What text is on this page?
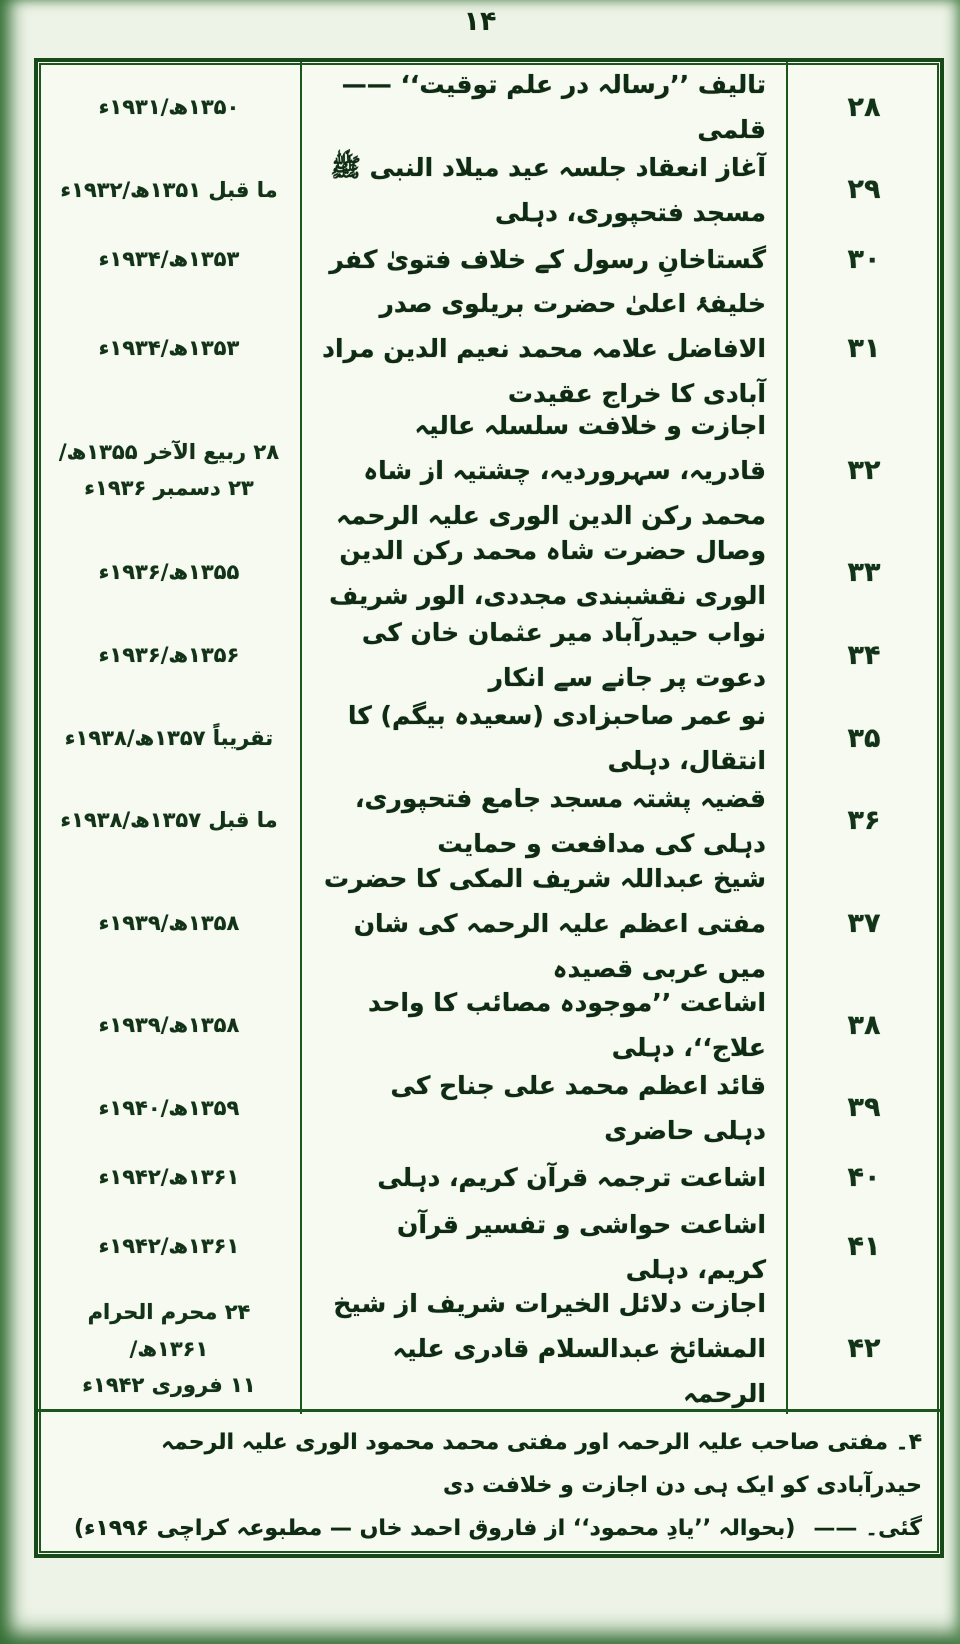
۱۴
۲۸
تالیف ’’رسالہ در علم توقیت‘‘ —— قلمی
۱۳۵۰ھ/۱۹۳۱ء
۲۹
آغاز انعقاد جلسہ عید میلاد النبی ﷺ مسجد فتحپوری، دہلی
ما قبل ۱۳۵۱ھ/۱۹۳۲ء
۳۰
گستاخانِ رسول کے خلاف فتویٰ کفر
۱۳۵۳ھ/۱۹۳۴ء
۳۱
خلیفۂ اعلیٰ حضرت بریلوی صدر الافاضل علامہ محمد نعیم الدین مراد آبادی کا خراج عقیدت
۱۳۵۳ھ/۱۹۳۴ء
۳۲
اجازت و خلافت سلسلہ عالیہ قادریہ، سہروردیہ، چشتیہ از شاہ محمد رکن الدین الوری علیہ الرحمہ
۲۸ ربیع الآخر ۱۳۵۵ھ/
۲۳ دسمبر ۱۹۳۶ء
۳۳
وصال حضرت شاہ محمد رکن الدین الوری نقشبندی مجددی، الور شریف
۱۳۵۵ھ/۱۹۳۶ء
۳۴
نواب حیدرآباد میر عثمان خان کی دعوت پر جانے سے انکار
۱۳۵۶ھ/۱۹۳۶ء
۳۵
نو عمر صاحبزادی (سعیدہ بیگم) کا انتقال، دہلی
تقریباً ۱۳۵۷ھ/۱۹۳۸ء
۳۶
قضیہ پشتہ مسجد جامع فتحپوری، دہلی کی مدافعت و حمایت
ما قبل ۱۳۵۷ھ/۱۹۳۸ء
۳۷
شیخ عبداللہ شریف المکی کا حضرت مفتی اعظم علیہ الرحمہ کی شان میں عربی قصیدہ
۱۳۵۸ھ/۱۹۳۹ء
۳۸
اشاعت ’’موجودہ مصائب کا واحد علاج‘‘، دہلی
۱۳۵۸ھ/۱۹۳۹ء
۳۹
قائد اعظم محمد علی جناح کی دہلی حاضری
۱۳۵۹ھ/۱۹۴۰ء
۴۰
اشاعت ترجمہ قرآن کریم، دہلی
۱۳۶۱ھ/۱۹۴۲ء
۴۱
اشاعت حواشی و تفسیر قرآن کریم، دہلی
۱۳۶۱ھ/۱۹۴۲ء
۴۲
اجازت دلائل الخیرات شریف از شیخ المشائخ عبدالسلام قادری علیہ الرحمہ
۲۴ محرم الحرام ۱۳۶۱ھ/
۱۱ فروری ۱۹۴۲ء
۴۔ مفتی صاحب علیہ الرحمہ اور مفتی محمد محمود الوری علیہ الرحمہ حیدرآبادی کو ایک ہی دن اجازت و خلافت دی
گئی۔ ——
(بحوالہ ’’یادِ محمود‘‘ از فاروق احمد خاں — مطبوعہ کراچی ۱۹۹۶ء)
